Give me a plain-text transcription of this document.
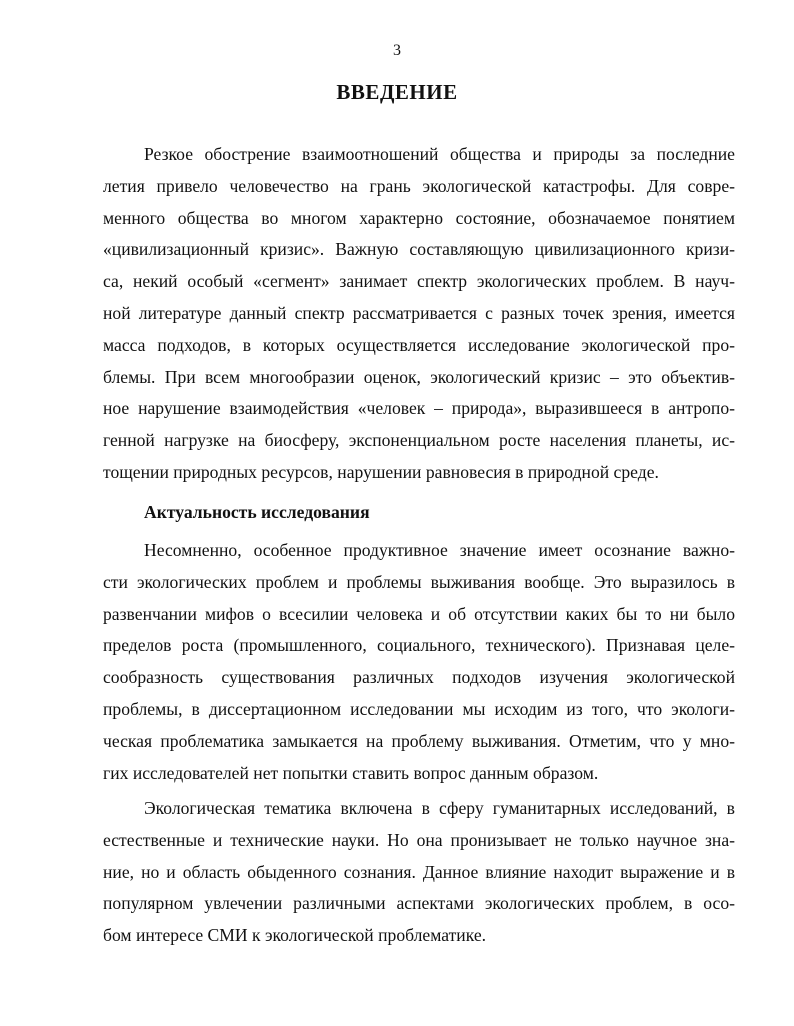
3
ВВЕДЕНИЕ

Резкое обострение взаимоотношений общества и природы за последние
летия привело человечество на грань экологической катастрофы. Для совре-
менного общества во многом характерно состояние, обозначаемое понятием
«цивилизационный кризис». Важную составляющую цивилизационного кризи-
са, некий особый «сегмент» занимает спектр экологических проблем. В науч-
ной литературе данный спектр рассматривается с разных точек зрения, имеется
масса подходов, в которых осуществляется исследование экологической про-
блемы. При всем многообразии оценок, экологический кризис – это объектив-
ное нарушение взаимодействия «человек – природа», выразившееся в антропо-
генной нагрузке на биосферу, экспоненциальном росте населения планеты, ис-
тощении природных ресурсов, нарушении равновесия в природной среде.

Актуальность исследования

Несомненно, особенное продуктивное значение имеет осознание важно-
сти экологических проблем и проблемы выживания вообще. Это выразилось в
развенчании мифов о всесилии человека и об отсутствии каких бы то ни было
пределов роста (промышленного, социального, технического). Признавая целе-
сообразность существования различных подходов изучения экологической
проблемы, в диссертационном исследовании мы исходим из того, что экологи-
ческая проблематика замыкается на проблему выживания. Отметим, что у мно-
гих исследователей нет попытки ставить вопрос данным образом.

Экологическая тематика включена в сферу гуманитарных исследований, в
естественные и технические науки. Но она пронизывает не только научное зна-
ние, но и область обыденного сознания. Данное влияние находит выражение и в
популярном увлечении различными аспектами экологических проблем, в осо-
бом интересе СМИ к экологической проблематике.
